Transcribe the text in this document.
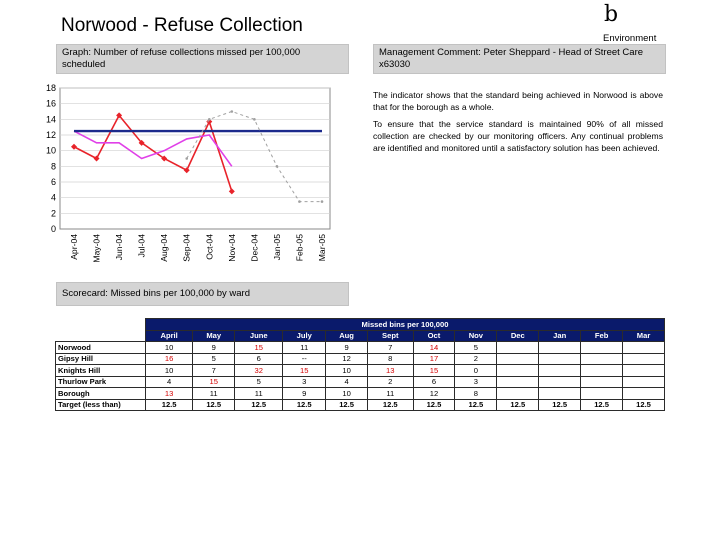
Norwood - Refuse Collection	b
Environment
Graph: Number of refuse collections missed per 100,000 scheduled
Management Comment: Peter Sheppard - Head of Street Care x63030
The indicator shows that the standard being achieved in Norwood is above that for the borough as a whole.
To ensure that the service standard is maintained 90% of all missed collection are checked by our monitoring officers. Any continual problems are identified and monitored until a satisfactory solution has been achieved.
0
2
4
6
8
10
12
14
16
18
Apr-04 May-04 Jun-04 Jul-04 Aug-04 Sep-04 Oct-04 Nov-04 Dec-04 Jan-05 Feb-05 Mar-05
Scorecard: Missed bins per 100,000 by ward
	Missed bins per 100,000											
	April	May	June	July	Aug	Sept	Oct	Nov	Dec	Jan	Feb	Mar
Norwood	10	9	15	11	9	7	14	5				
Gipsy Hill	16	5	6	--	12	8	17	2				
Knights Hill	10	7	32	15	10	13	15	0				
Thurlow Park	4	15	5	3	4	2	6	3				
Borough	13	11	11	9	10	11	12	8				
Target (less than)	12.5	12.5	12.5	12.5	12.5	12.5	12.5	12.5	12.5	12.5	12.5	12.5
